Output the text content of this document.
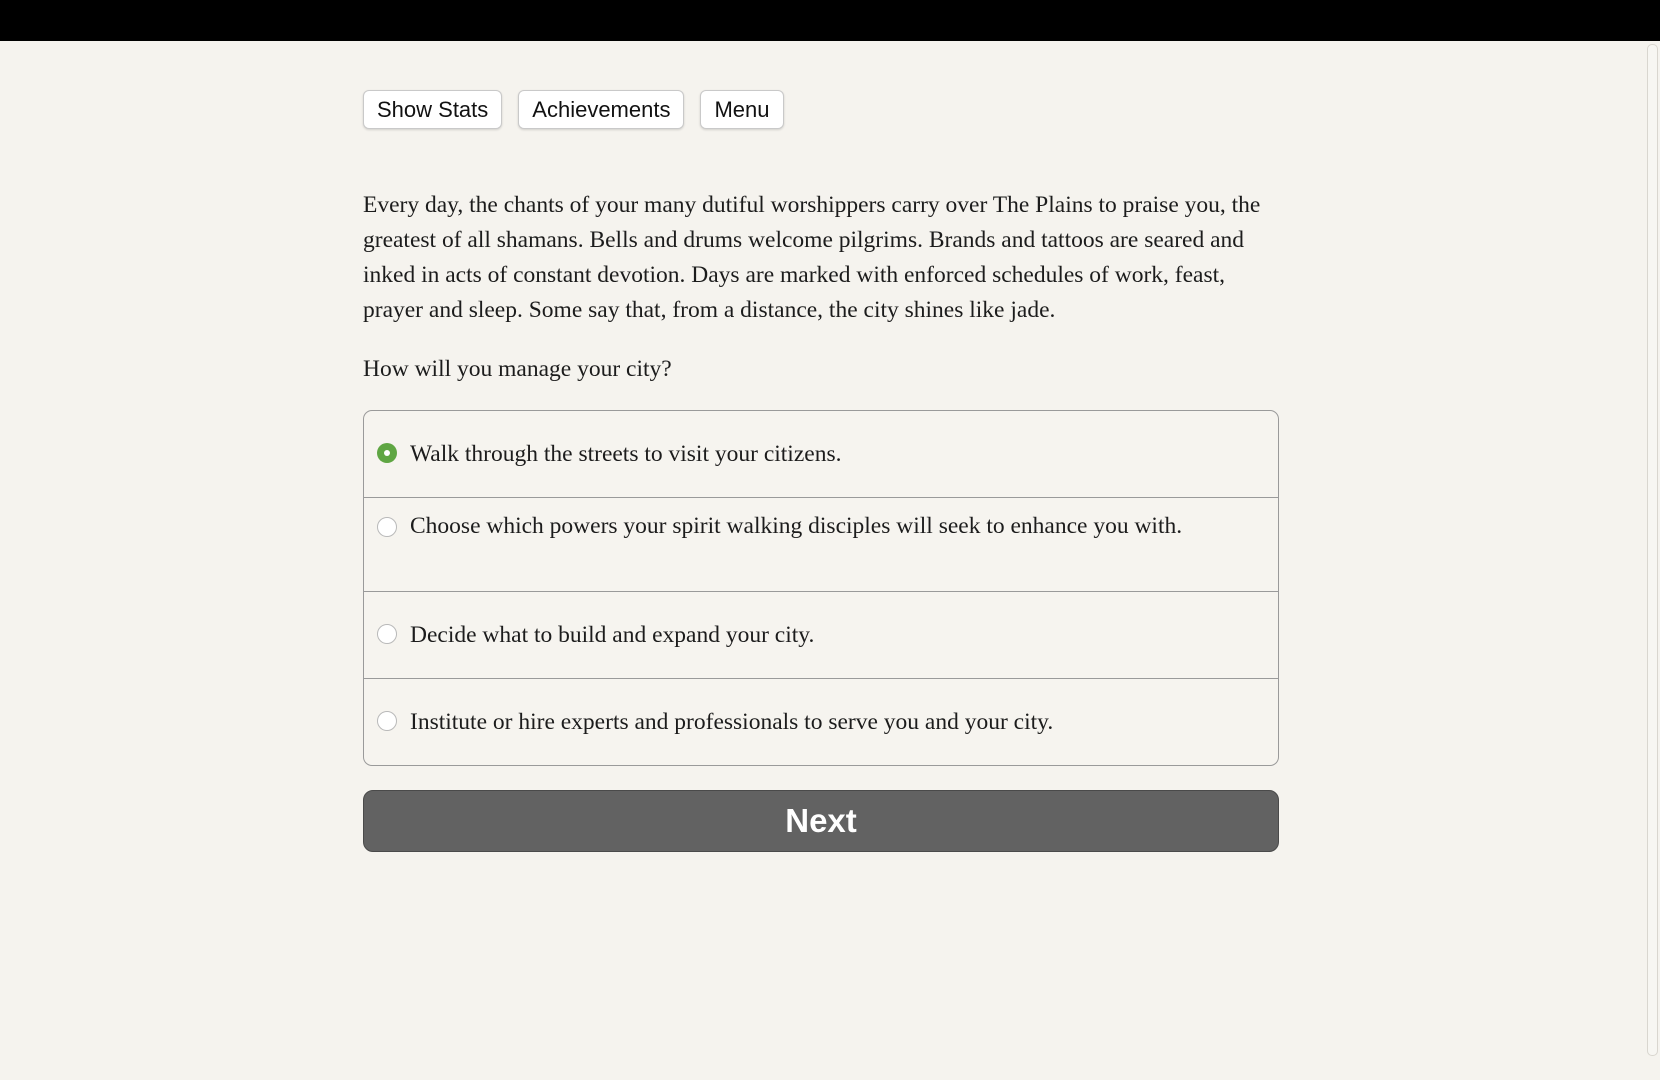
Show Stats	Achievements	Menu

Every day, the chants of your many dutiful worshippers carry over The Plains to praise you, the greatest of all shamans. Bells and drums welcome pilgrims. Brands and tattoos are seared and inked in acts of constant devotion. Days are marked with enforced schedules of work, feast, prayer and sleep. Some say that, from a distance, the city shines like jade.

How will you manage your city?
Walk through the streets to visit your citizens.
Choose which powers your spirit walking disciples will seek to enhance you with.
Decide what to build and expand your city.
Institute or hire experts and professionals to serve you and your city.
Next
